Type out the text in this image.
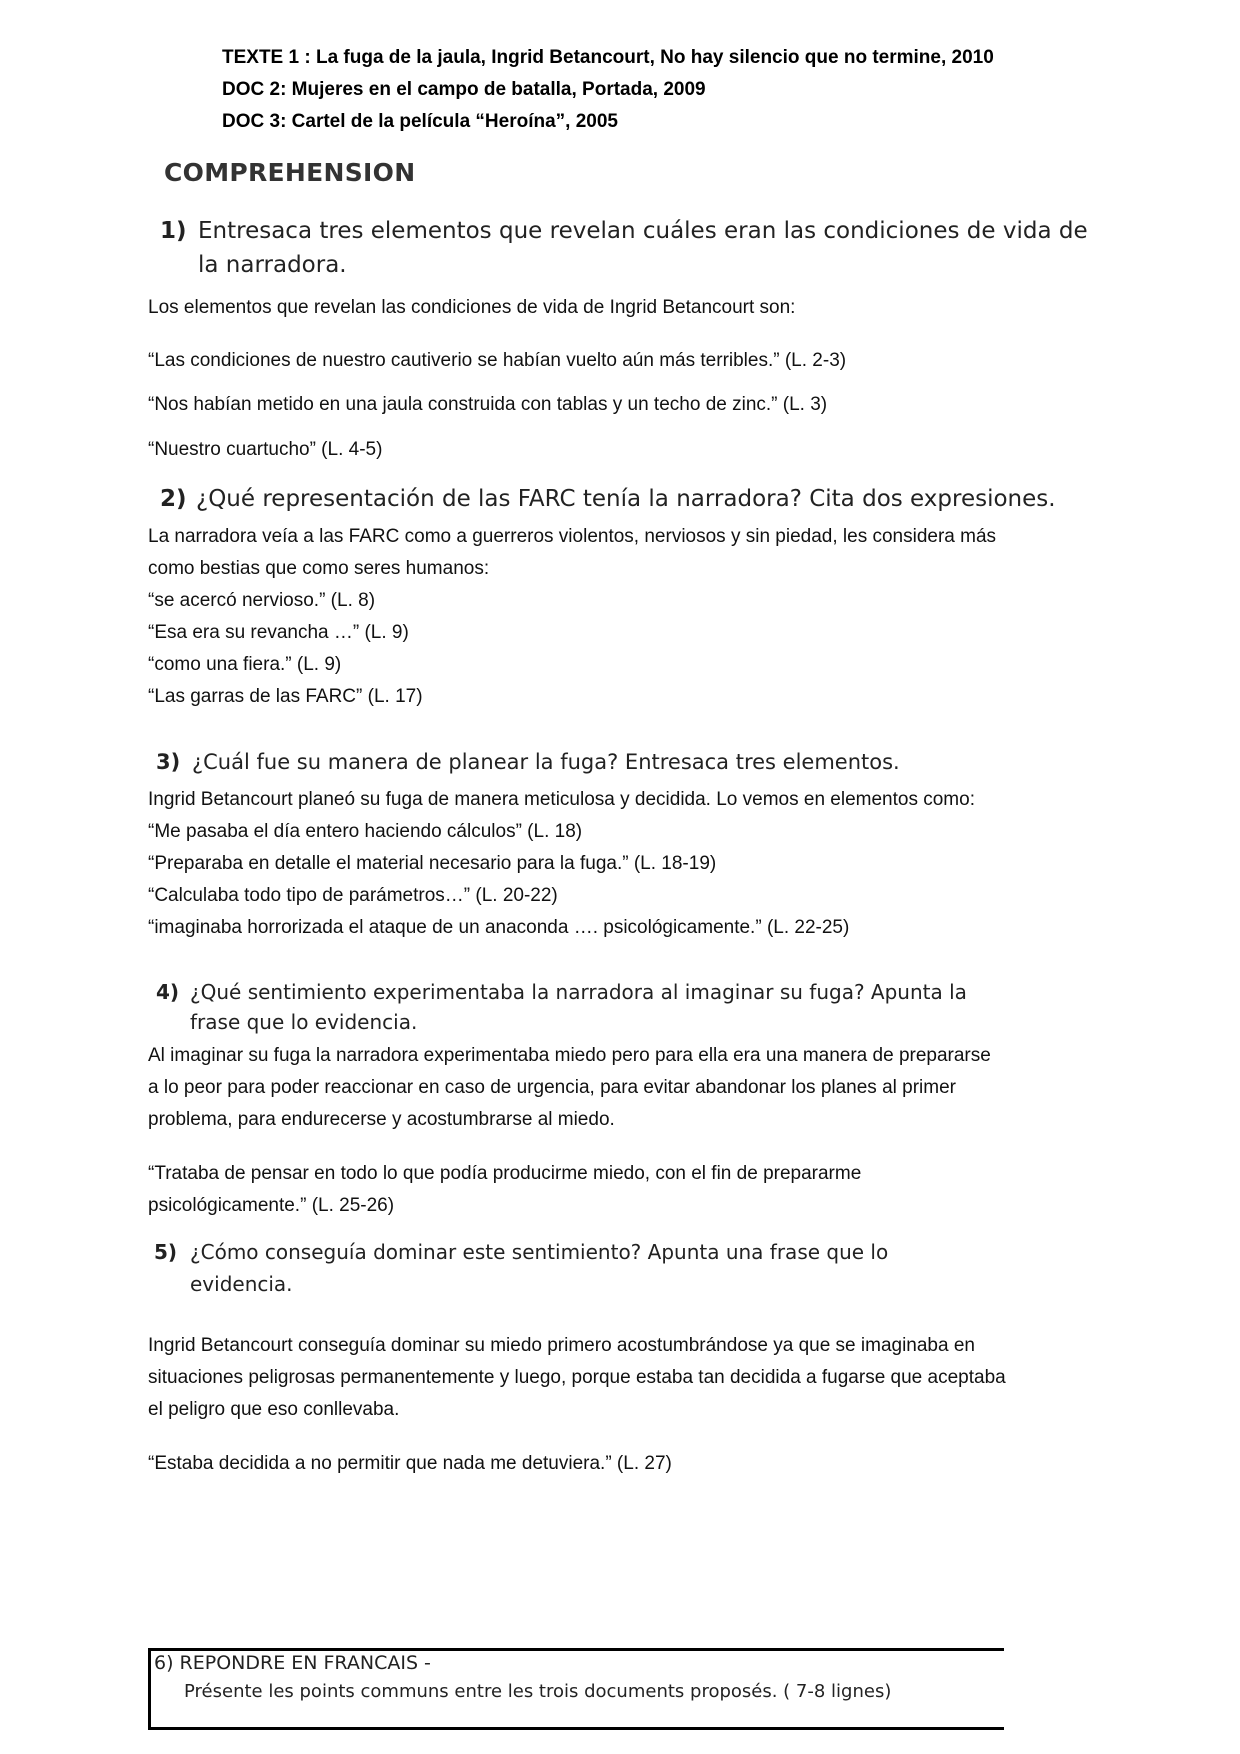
TEXTE 1 : La fuga de la jaula, Ingrid Betancourt, No hay silencio que no termine, 2010
DOC 2: Mujeres en el campo de batalla, Portada, 2009
DOC 3: Cartel de la película “Heroína”, 2005
COMPREHENSION
1) Entresaca tres elementos que revelan cuáles eran las condiciones de vida de
la narradora.
Los elementos que revelan las condiciones de vida de Ingrid Betancourt son:
“Las condiciones de nuestro cautiverio se habían vuelto aún más terribles.” (L. 2-3)
“Nos habían metido en una jaula construida con tablas y un techo de zinc.” (L. 3)
“Nuestro cuartucho” (L. 4-5)
2) ¿Qué representación de las FARC tenía la narradora? Cita dos expresiones.
La narradora veía a las FARC como a guerreros violentos, nerviosos y sin piedad, les considera más
como bestias que como seres humanos:
“se acercó nervioso.” (L. 8)
“Esa era su revancha …” (L. 9)
“como una fiera.” (L. 9)
“Las garras de las FARC” (L. 17)
3) ¿Cuál fue su manera de planear la fuga? Entresaca tres elementos.
Ingrid Betancourt planeó su fuga de manera meticulosa y decidida. Lo vemos en elementos como:
“Me pasaba el día entero haciendo cálculos” (L. 18)
“Preparaba en detalle el material necesario para la fuga.” (L. 18-19)
“Calculaba todo tipo de parámetros…” (L. 20-22)
“imaginaba horrorizada el ataque de un anaconda …. psicológicamente.” (L. 22-25)
4) ¿Qué sentimiento experimentaba la narradora al imaginar su fuga? Apunta la
frase que lo evidencia.
Al imaginar su fuga la narradora experimentaba miedo pero para ella era una manera de prepararse
a lo peor para poder reaccionar en caso de urgencia, para evitar abandonar los planes al primer
problema, para endurecerse y acostumbrarse al miedo.
“Trataba de pensar en todo lo que podía producirme miedo, con el fin de prepararme
psicológicamente.” (L. 25-26)
5) ¿Cómo conseguía dominar este sentimiento? Apunta una frase que lo
evidencia.
Ingrid Betancourt conseguía dominar su miedo primero acostumbrándose ya que se imaginaba en
situaciones peligrosas permanentemente y luego, porque estaba tan decidida a fugarse que aceptaba
el peligro que eso conllevaba.
“Estaba decidida a no permitir que nada me detuviera.” (L. 27)
6) REPONDRE EN FRANCAIS -
Présente les points communs entre les trois documents proposés. ( 7-8 lignes)
